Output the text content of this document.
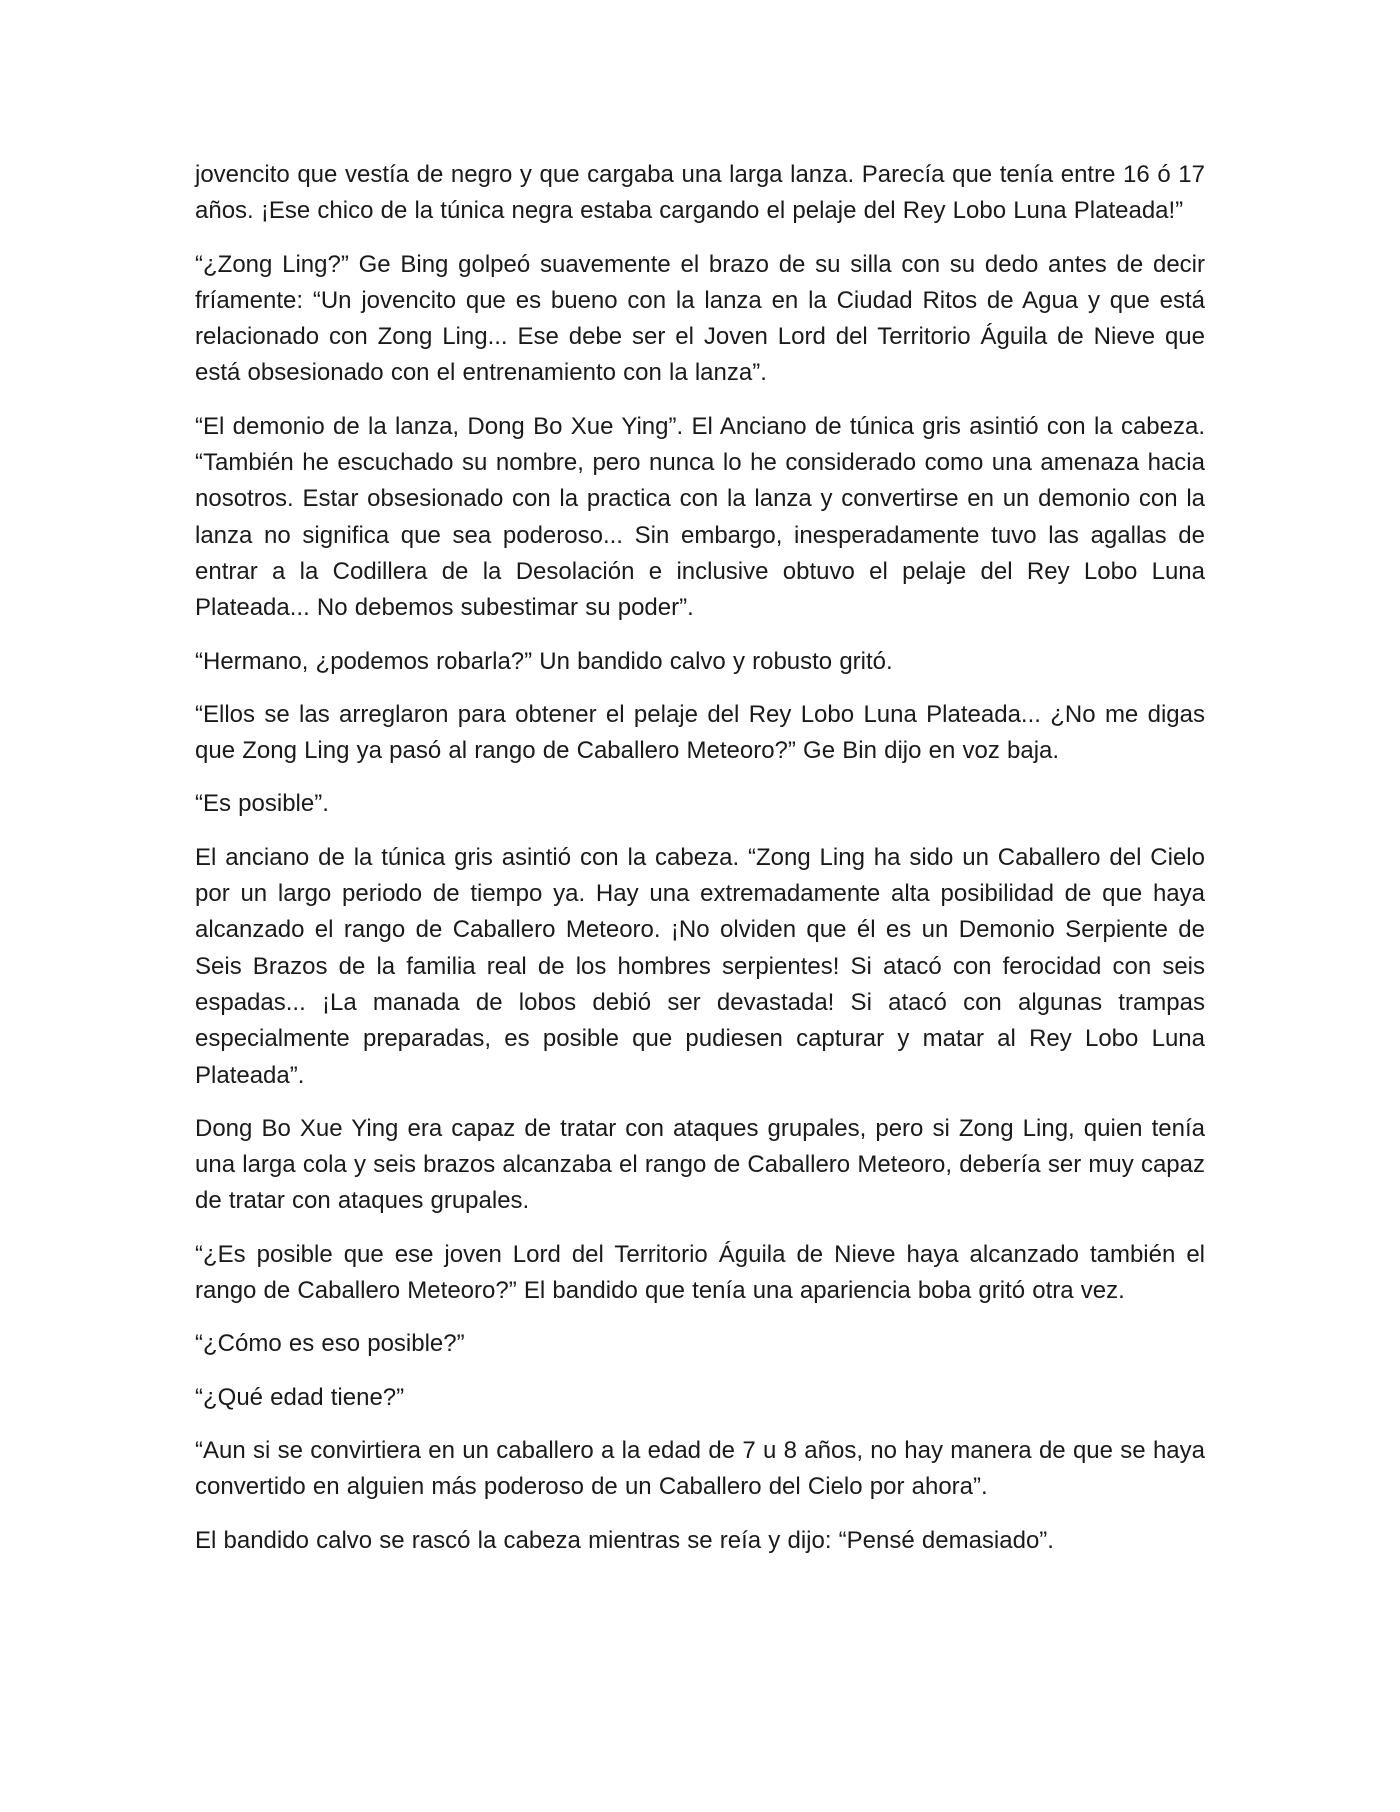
jovencito que vestía de negro y que cargaba una larga lanza. Parecía que tenía entre 16 ó 17 años. ¡Ese chico de la túnica negra estaba cargando el pelaje del Rey Lobo Luna Plateada!”

“¿Zong Ling?” Ge Bing golpeó suavemente el brazo de su silla con su dedo antes de decir fríamente: “Un jovencito que es bueno con la lanza en la Ciudad Ritos de Agua y que está relacionado con Zong Ling... Ese debe ser el Joven Lord del Territorio Águila de Nieve que está obsesionado con el entrenamiento con la lanza”.

“El demonio de la lanza, Dong Bo Xue Ying”. El Anciano de túnica gris asintió con la cabeza. “También he escuchado su nombre, pero nunca lo he considerado como una amenaza hacia nosotros. Estar obsesionado con la practica con la lanza y convertirse en un demonio con la lanza no significa que sea poderoso... Sin embargo, inesperadamente tuvo las agallas de entrar a la Codillera de la Desolación e inclusive obtuvo el pelaje del Rey Lobo Luna Plateada... No debemos subestimar su poder”.

“Hermano, ¿podemos robarla?” Un bandido calvo y robusto gritó.

“Ellos se las arreglaron para obtener el pelaje del Rey Lobo Luna Plateada... ¿No me digas que Zong Ling ya pasó al rango de Caballero Meteoro?” Ge Bin dijo en voz baja.

“Es posible”.

El anciano de la túnica gris asintió con la cabeza. “Zong Ling ha sido un Caballero del Cielo por un largo periodo de tiempo ya. Hay una extremadamente alta posibilidad de que haya alcanzado el rango de Caballero Meteoro. ¡No olviden que él es un Demonio Serpiente de Seis Brazos de la familia real de los hombres serpientes! Si atacó con ferocidad con seis espadas... ¡La manada de lobos debió ser devastada! Si atacó con algunas trampas especialmente preparadas, es posible que pudiesen capturar y matar al Rey Lobo Luna Plateada”.

Dong Bo Xue Ying era capaz de tratar con ataques grupales, pero si Zong Ling, quien tenía una larga cola y seis brazos alcanzaba el rango de Caballero Meteoro, debería ser muy capaz de tratar con ataques grupales.

“¿Es posible que ese joven Lord del Territorio Águila de Nieve haya alcanzado también el rango de Caballero Meteoro?” El bandido que tenía una apariencia boba gritó otra vez.

“¿Cómo es eso posible?”

“¿Qué edad tiene?”

“Aun si se convirtiera en un caballero a la edad de 7 u 8 años, no hay manera de que se haya convertido en alguien más poderoso de un Caballero del Cielo por ahora”.

El bandido calvo se rascó la cabeza mientras se reía y dijo: “Pensé demasiado”.
